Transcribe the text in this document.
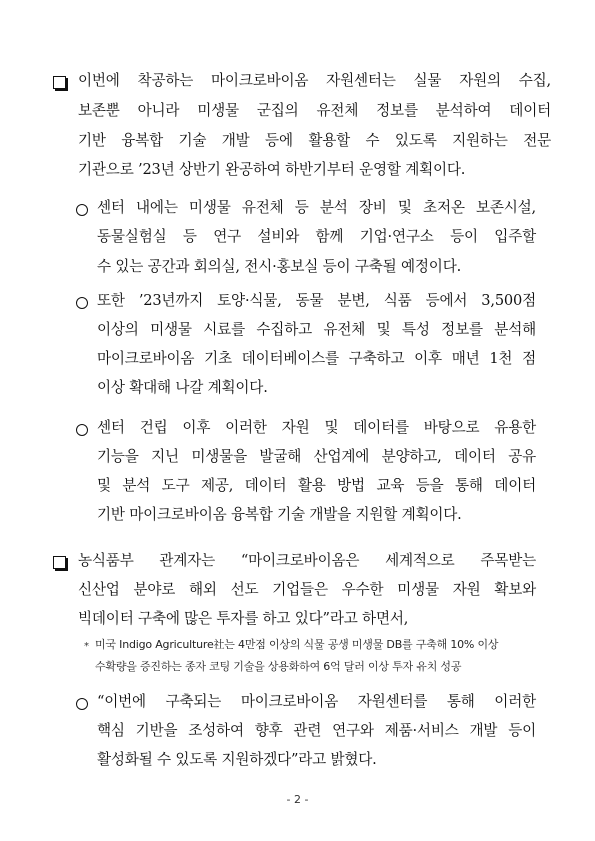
이번에 착공하는 마이크로바이옴 자원센터는 실물 자원의 수집,
보존뿐 아니라 미생물 군집의 유전체 정보를 분석하여 데이터
기반 융복합 기술 개발 등에 활용할 수 있도록 지원하는 전문
기관으로 ’23년 상반기 완공하여 하반기부터 운영할 계획이다.
센터 내에는 미생물 유전체 등 분석 장비 및 초저온 보존시설,
동물실험실 등 연구 설비와 함께 기업·연구소 등이 입주할
수 있는 공간과 회의실, 전시·홍보실 등이 구축될 예정이다.
또한 ’23년까지 토양·식물, 동물 분변, 식품 등에서 3,500점
이상의 미생물 시료를 수집하고 유전체 및 특성 정보를 분석해
마이크로바이옴 기초 데이터베이스를 구축하고 이후 매년 1천 점
이상 확대해 나갈 계획이다.
센터 건립 이후 이러한 자원 및 데이터를 바탕으로 유용한
기능을 지닌 미생물을 발굴해 산업계에 분양하고, 데이터 공유
및 분석 도구 제공, 데이터 활용 방법 교육 등을 통해 데이터
기반 마이크로바이옴 융복합 기술 개발을 지원할 계획이다.
농식품부 관계자는 “마이크로바이옴은 세계적으로 주목받는
신산업 분야로 해외 선도 기업들은 우수한 미생물 자원 확보와
빅데이터 구축에 많은 투자를 하고 있다”라고 하면서,
* 미국 Indigo Agriculture社는 4만점 이상의 식물 공생 미생물 DB를 구축해 10% 이상
수확량을 증진하는 종자 코팅 기술을 상용화하여 6억 달러 이상 투자 유치 성공
“이번에 구축되는 마이크로바이옴 자원센터를 통해 이러한
핵심 기반을 조성하여 향후 관련 연구와 제품·서비스 개발 등이
활성화될 수 있도록 지원하겠다”라고 밝혔다.
- 2 -
